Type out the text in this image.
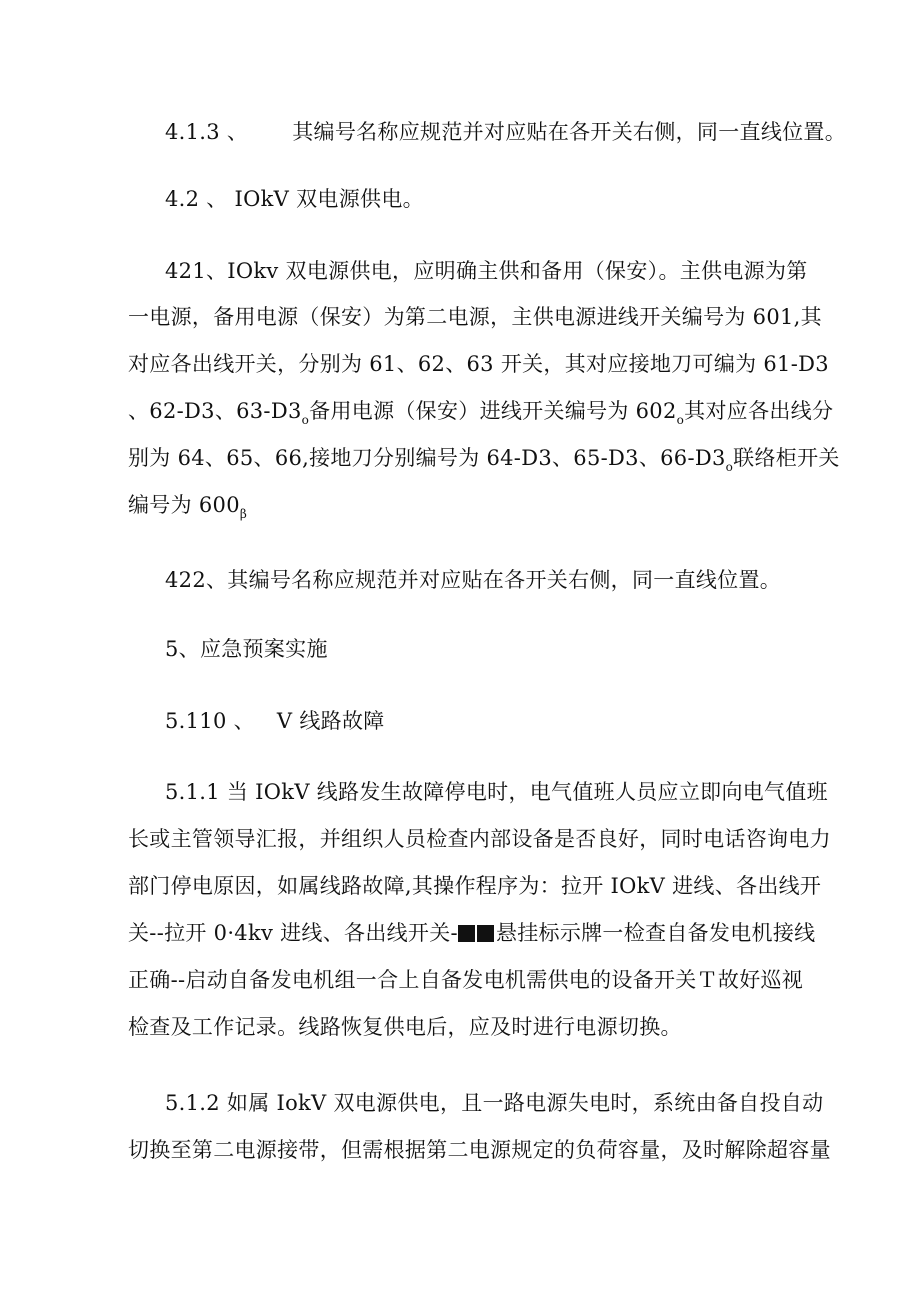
4.1.3 、 其编号名称应规范并对应贴在各开关右侧，同一直线位置。
4.2 、 IOkV 双电源供电。
421、IOkv 双电源供电，应明确主供和备用（保安）。主供电源为第
一电源，备用电源（保安）为第二电源，主供电源进线开关编号为 601,其
对应各出线开关，分别为 61、62、63 开关，其对应接地刀可编为 61-D3
、62-D3、$63-D3_o$备用电源（保安）进线开关编号为 $602_o$其对应各出线分
别为 64、65、66,接地刀分别编号为 64-D3、65-D3、$66-D3_o$联络柜开关
编号为 $600_\beta$
422、其编号名称应规范并对应贴在各开关右侧，同一直线位置。
5、应急预案实施
5.110 、 V 线路故障
5.1.1 当 IOkV 线路发生故障停电时，电气值班人员应立即向电气值班
长或主管领导汇报，并组织人员检查内部设备是否良好，同时电话咨询电力
部门停电原因，如属线路故障,其操作程序为：拉开 IOkV 进线、各出线开
关--拉开 0·4kv 进线、各出线开关- 悬挂标示牌一检查自备发电机接线
正确--启动自备发电机组一合上自备发电机需供电的设备开关Ｔ故好巡视
检查及工作记录。线路恢复供电后，应及时进行电源切换。
5.1.2 如属 IokV 双电源供电，且一路电源失电时，系统由备自投自动
切换至第二电源接带，但需根据第二电源规定的负荷容量，及时解除超容量
